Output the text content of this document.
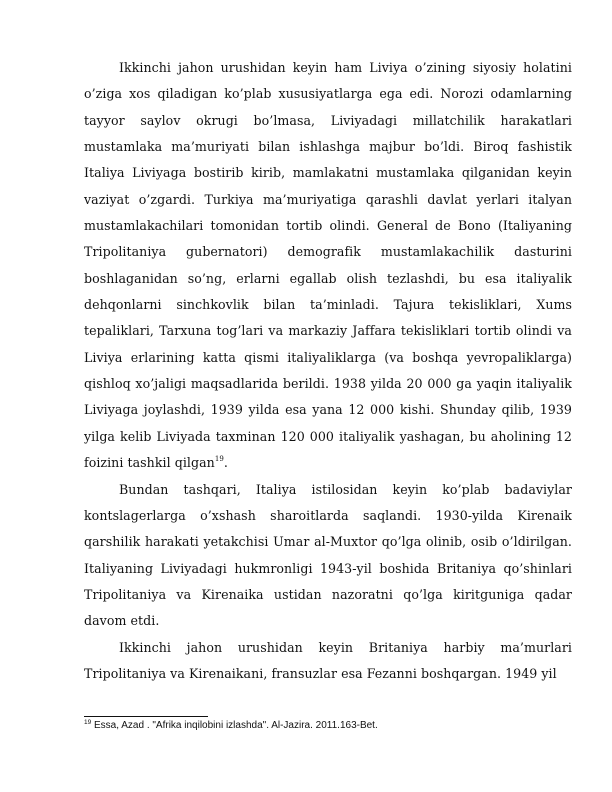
Ikkinchi jahon urushidan keyin ham Liviya o’zining siyosiy holatini o’ziga xos qiladigan ko’plab xususiyatlarga ega edi. Norozi odamlarning tayyor saylov okrugi bo’lmasa, Liviyadagi millatchilik harakatlari mustamlaka ma’muriyati bilan ishlashga majbur bo’ldi. Biroq fashistik Italiya Liviyaga bostirib kirib, mamlakatni mustamlaka qilganidan keyin vaziyat o’zgardi. Turkiya ma’muriyatiga qarashli davlat yerlari italyan mustamlakachilari tomonidan tortib olindi. General de Bono (Italiyaning Tripolitaniya gubernatori) demografik mustamlakachilik dasturini boshlaganidan so’ng, erlarni egallab olish tezlashdi, bu esa italiyalik dehqonlarni sinchkovlik bilan ta’minladi. Tajura tekisliklari, Xums tepaliklari, Tarxuna tog’lari va markaziy Jaffara tekisliklari tortib olindi va Liviya erlarining katta qismi italiyaliklarga (va boshqa yevropaliklarga) qishloq xo’jaligi maqsadlarida berildi. 1938 yilda 20 000 ga yaqin italiyalik Liviyaga joylashdi, 1939 yilda esa yana 12 000 kishi. Shunday qilib, 1939 yilga kelib Liviyada taxminan 120 000 italiyalik yashagan, bu aholining 12 foizini tashkil qilgan$^{19}$.

Bundan tashqari, Italiya istilosidan keyin ko’plab badaviylar kontslagerlarga o’xshash sharoitlarda saqlandi. 1930-yilda Kirenaik qarshilik harakati yetakchisi Umar al-Muxtor qo’lga olinib, osib o’ldirilgan. Italiyaning Liviyadagi hukmronligi 1943-yil boshida Britaniya qo’shinlari Tripolitaniya va Kirenaika ustidan nazoratni qo’lga kiritguniga qadar davom etdi.

Ikkinchi jahon urushidan keyin Britaniya harbiy ma’murlari Tripolitaniya va Kirenaikani, fransuzlar esa Fezanni boshqargan. 1949 yil

$^{19}$ Essa, Azad . "Afrika inqilobini izlashda". Al-Jazira. 2011.163-Bet.
